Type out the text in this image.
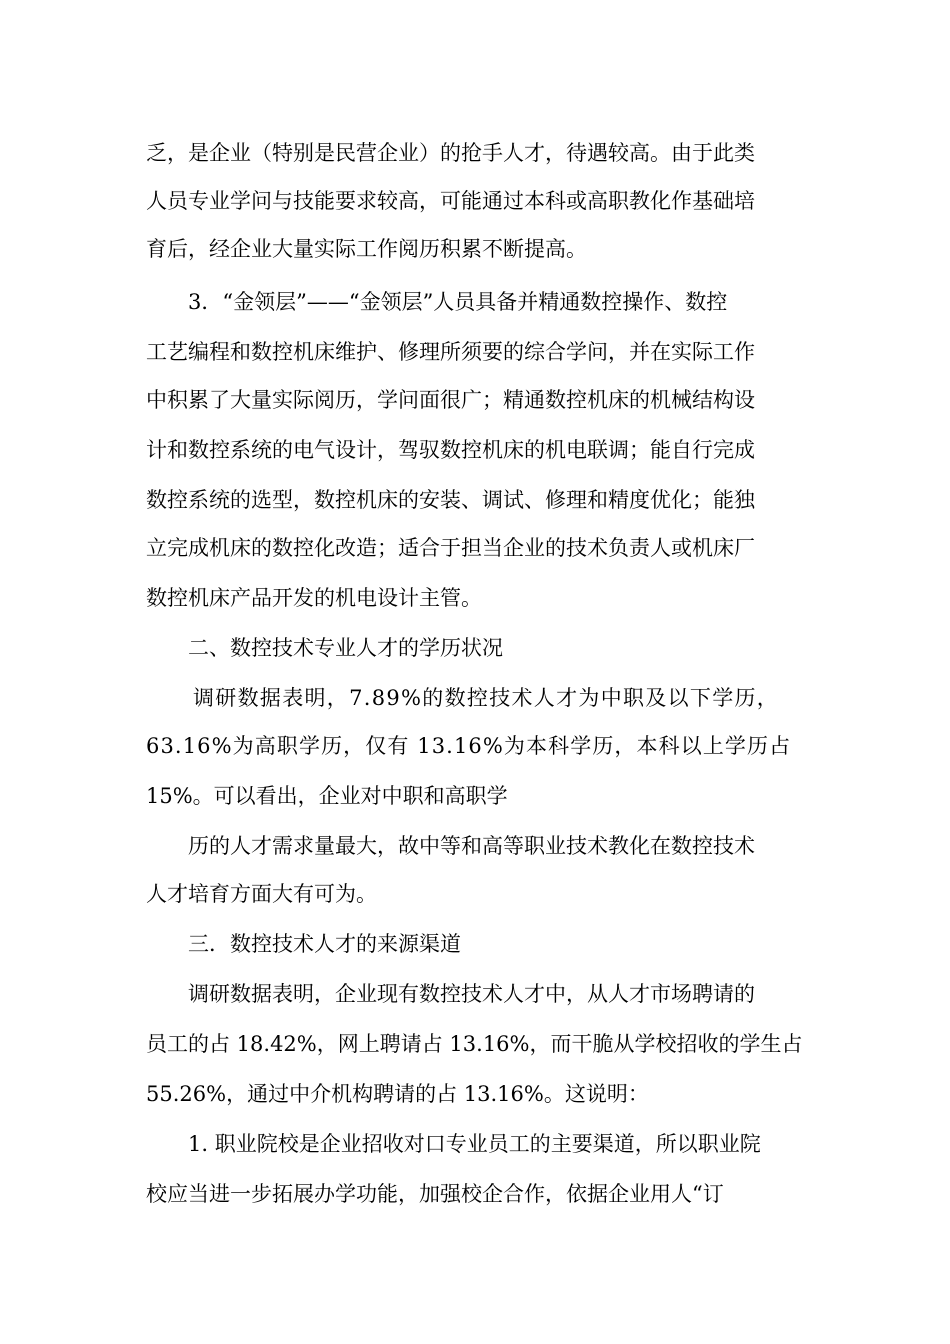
乏，是企业（特别是民营企业）的抢手人才，待遇较高。由于此类
人员专业学问与技能要求较高，可能通过本科或高职教化作基础培
育后，经企业大量实际工作阅历积累不断提高。
3．“金领层”——“金领层”人员具备并精通数控操作、数控
工艺编程和数控机床维护、修理所须要的综合学问，并在实际工作
中积累了大量实际阅历，学问面很广；精通数控机床的机械结构设
计和数控系统的电气设计，驾驭数控机床的机电联调；能自行完成
数控系统的选型，数控机床的安装、调试、修理和精度优化；能独
立完成机床的数控化改造；适合于担当企业的技术负责人或机床厂
数控机床产品开发的机电设计主管。
二、数控技术专业人才的学历状况
调研数据表明，7.89%的数控技术人才为中职及以下学历，
63.16%为高职学历，仅有 13.16%为本科学历，本科以上学历占
15%。可以看出，企业对中职和高职学
历的人才需求量最大，故中等和高等职业技术教化在数控技术
人才培育方面大有可为。
三．数控技术人才的来源渠道
调研数据表明，企业现有数控技术人才中，从人才市场聘请的
员工的占 18.42%，网上聘请占 13.16%，而干脆从学校招收的学生占
55.26%，通过中介机构聘请的占 13.16%。这说明：
1. 职业院校是企业招收对口专业员工的主要渠道，所以职业院
校应当进一步拓展办学功能，加强校企合作，依据企业用人“订
